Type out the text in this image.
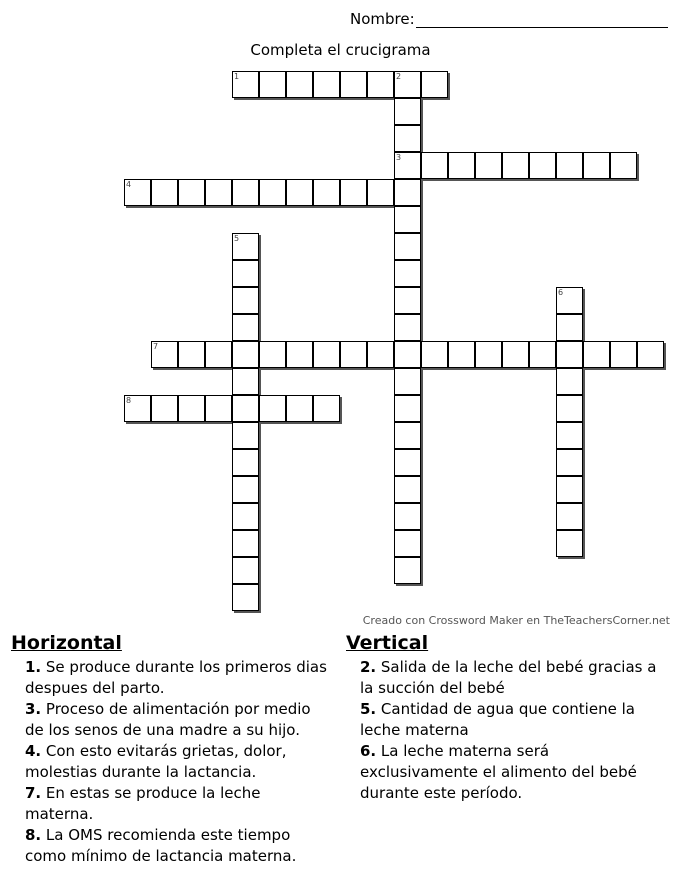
Nombre:
Completa el crucigrama
1	2
3
4
5
6
7
8
Creado con Crossword Maker en TheTeachersCorner.net
Horizontal
1. Se produce durante los primeros dias despues del parto.
3. Proceso de alimentación por medio de los senos de una madre a su hijo.
4. Con esto evitarás grietas, dolor, molestias durante la lactancia.
7. En estas se produce la leche materna.
8. La OMS recomienda este tiempo como mínimo de lactancia materna.
Vertical
2. Salida de la leche del bebé gracias a la succión del bebé
5. Cantidad de agua que contiene la leche materna
6. La leche materna será exclusivamente el alimento del bebé durante este período.
